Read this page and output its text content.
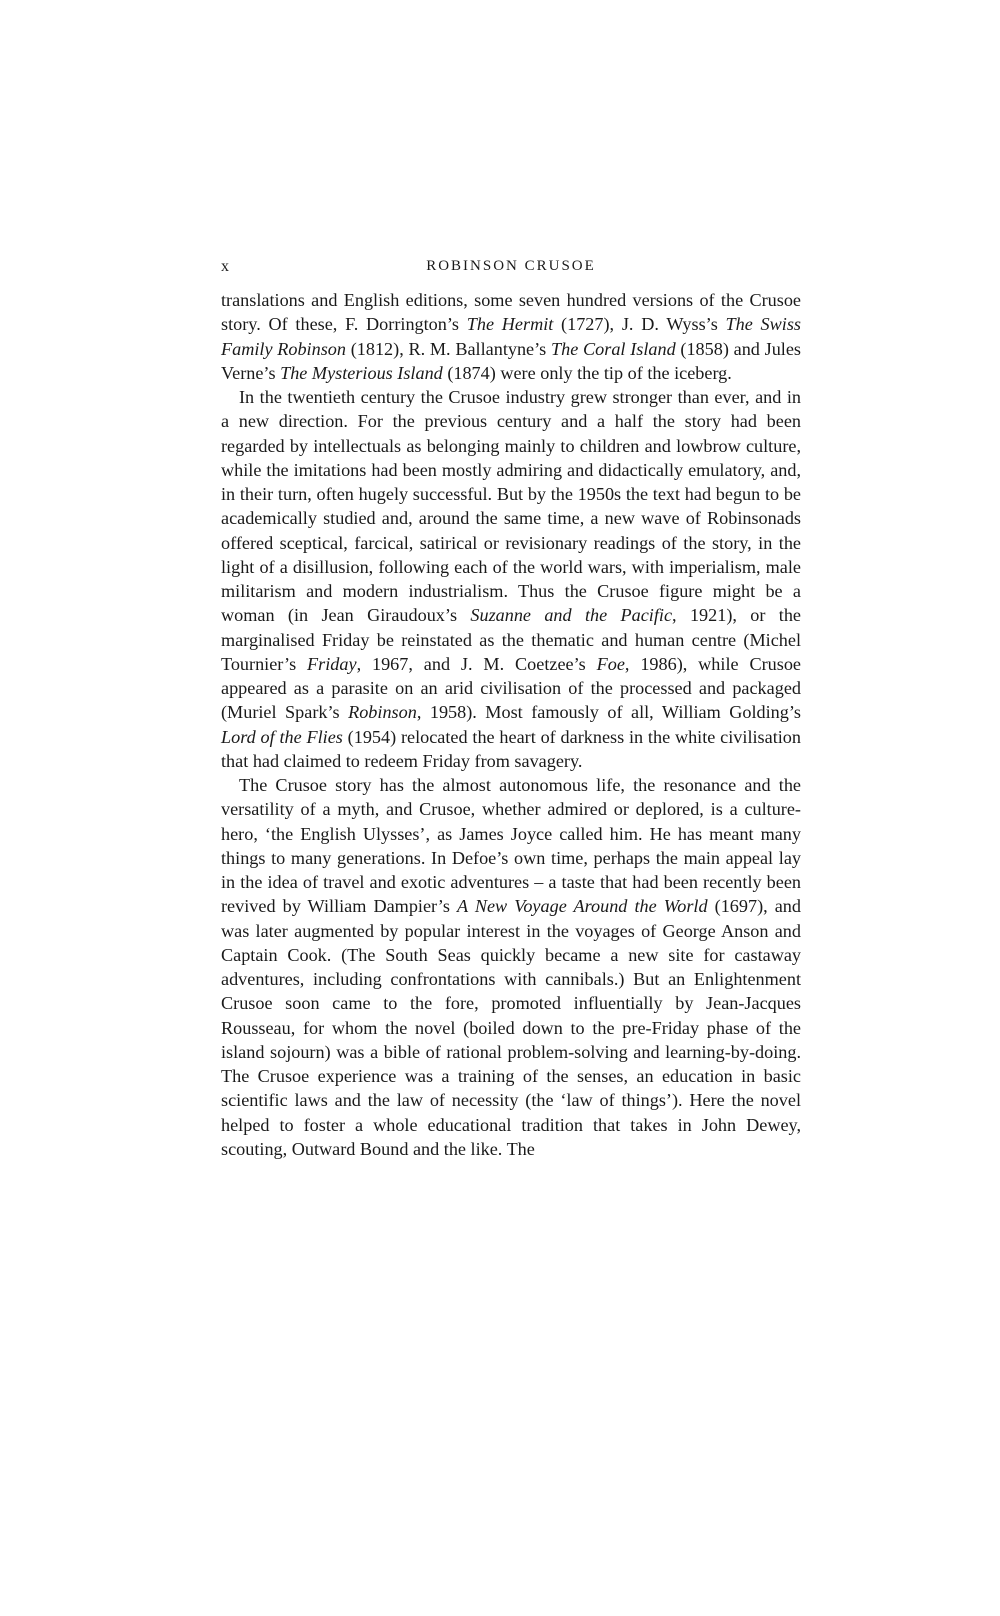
x	ROBINSON CRUSOE

translations and English editions, some seven hundred versions of the Crusoe story. Of these, F. Dorrington’s The Hermit (1727), J. D. Wyss’s The Swiss Family Robinson (1812), R. M. Ballantyne’s The Coral Island (1858) and Jules Verne’s The Mysterious Island (1874) were only the tip of the iceberg.

In the twentieth century the Crusoe industry grew stronger than ever, and in a new direction. For the previous century and a half the story had been regarded by intellectuals as belonging mainly to children and lowbrow culture, while the imitations had been mostly admiring and didactically emulatory, and, in their turn, often hugely successful. But by the 1950s the text had begun to be academically studied and, around the same time, a new wave of Robinsonads offered sceptical, farcical, satirical or revisionary readings of the story, in the light of a disillusion, following each of the world wars, with imperialism, male militarism and modern industrialism. Thus the Crusoe figure might be a woman (in Jean Giraudoux’s Suzanne and the Pacific, 1921), or the marginalised Friday be reinstated as the thematic and human centre (Michel Tournier’s Friday, 1967, and J. M. Coetzee’s Foe, 1986), while Crusoe appeared as a parasite on an arid civilisation of the processed and packaged (Muriel Spark’s Robinson, 1958). Most famously of all, William Golding’s Lord of the Flies (1954) relocated the heart of darkness in the white civilisation that had claimed to redeem Friday from savagery.

The Crusoe story has the almost autonomous life, the resonance and the versatility of a myth, and Crusoe, whether admired or deplored, is a culture-hero, ‘the English Ulysses’, as James Joyce called him. He has meant many things to many generations. In Defoe’s own time, perhaps the main appeal lay in the idea of travel and exotic adventures – a taste that had been recently been revived by William Dampier’s A New Voyage Around the World (1697), and was later augmented by popular interest in the voyages of George Anson and Captain Cook. (The South Seas quickly became a new site for castaway adventures, including confrontations with cannibals.) But an Enlightenment Crusoe soon came to the fore, promoted influentially by Jean-Jacques Rousseau, for whom the novel (boiled down to the pre-Friday phase of the island sojourn) was a bible of rational problem-solving and learning-by-doing. The Crusoe experience was a training of the senses, an education in basic scientific laws and the law of necessity (the ‘law of things’). Here the novel helped to foster a whole educational tradition that takes in John Dewey, scouting, Outward Bound and the like. The
